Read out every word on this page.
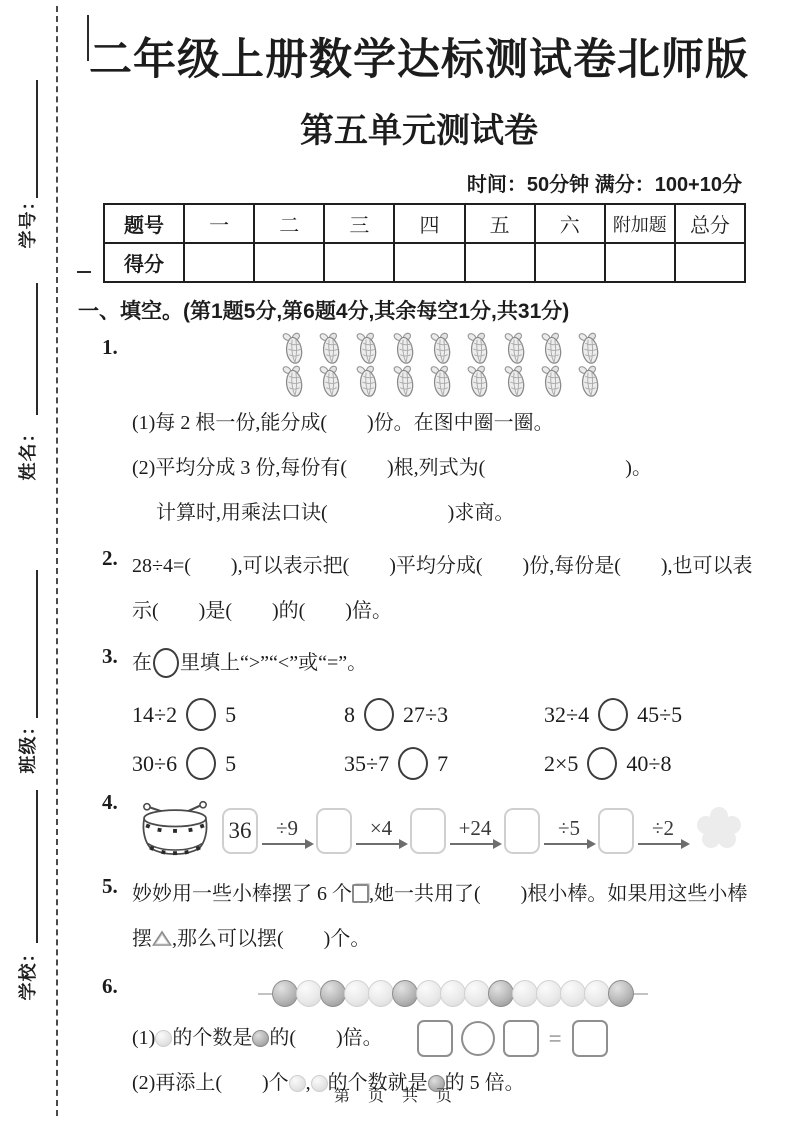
学号：
姓名：
班级：
学校：
二年级上册数学达标测试卷北师版
第五单元测试卷
时间：50分钟 满分：100+10分
题号	一	二	三	四	五	六	附加题	总分
得分								
一、填空。(第1题5分,第6题4分,其余每空1分,共31分)
1.
(1)每 2 根一份,能分成(　　)份。在图中圈一圈。
(2)平均分成 3 份,每份有(　　)根,列式为(　　　　　　　)。
计算时,用乘法口诀(　　　　　　)求商。
2. 28÷4=(　　),可以表示把(　　)平均分成(　　)份,每份是(　　),也可以表示(　　)是(　　)的(　　)倍。

3. 在 里填上“>”“<”或“=”。
14÷2 5	8 27÷3	32÷4 45÷5
30÷6 5	35÷7 7	2×5 40÷8
4.
36	÷9	×4	+24	÷5	÷2
5. 妙妙用一些小棒摆了 6 个 ,她一共用了(　　)根小棒。如果用这些小棒摆 ,那么可以摆(　　)个。

6.
(1) 的个数是 的(　　)倍。	=
(2)再添上(　　)个 , 的个数就是 的 5 倍。
第 页 共 页
